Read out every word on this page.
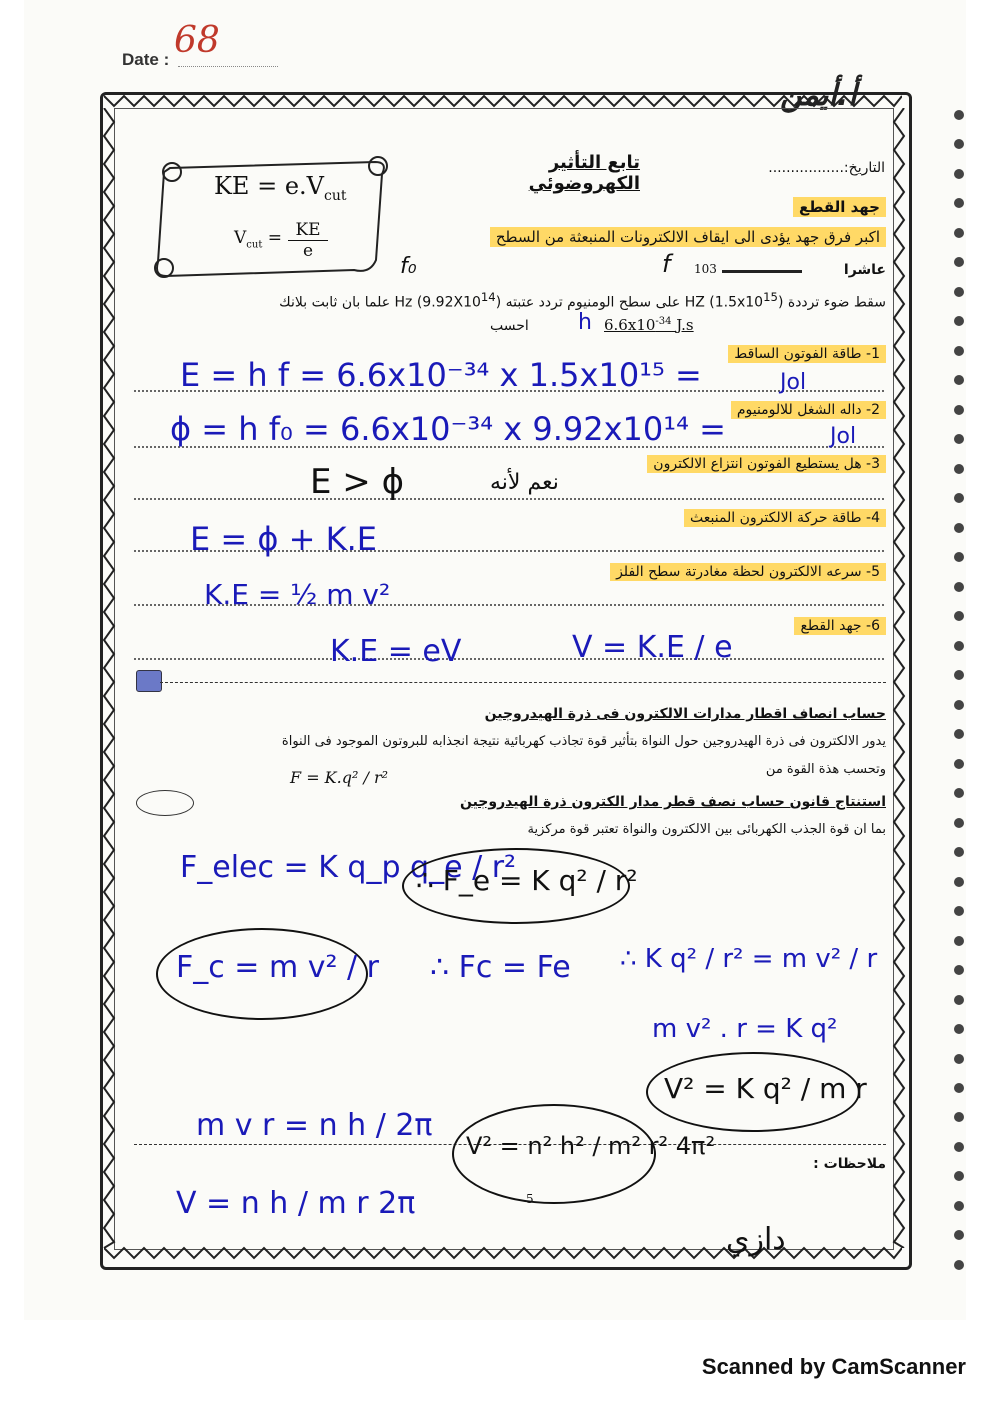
68
Date :
أ.أيمن
KE = $e.V_{cut}$
$V_{cut}$ = KE
e
f₀
التاريخ:.................
تابع التأثير الكهروضوئي
جهد القطع
اكبر فرق جهد يؤدى الى ايقاف الالكترونات المنبعثة من السطح
عاشرا
103
f
سقط ضوء ترددة HZ $(1.5x10^{15})$ على سطح الومنيوم تردد عتبته Hz $(9.92X10^{14})$ علما بان ثابت بلانك
احسب h $6.6x10^{-34}$ J.s
1- طاقة الفوتون الساقط
E = h f = 6.6x10⁻³⁴ x 1.5x10¹⁵ =	Jol
2- داله الشغل للالومنيوم
ϕ = h f₀ = 6.6x10⁻³⁴ x 9.92x10¹⁴ =	Jol
3- هل يستطيع الفوتون انتزاع الالكترون
E > ϕ	نعم لأنه
4- طاقة حركة الالكترون المنبعث
E = ϕ + K.E
5- سرعه الالكترون لحظة مغادرتة سطح الفلز
K.E = ½ m v²
6- جهد القطع
K.E = eV	V = K.E / e
حساب انصاف اقطار مدارات الالكترون فى ذرة الهيدروجين
يدور الالكترون فى ذرة الهيدروجين حول النواة بتأثير قوة تجاذب كهربائية نتيجة انجذابه للبروتون الموجود فى النواة
وتحسب هذة القوة من
F = K.q² / r²
استنتاج قانون حساب نصف قطر مدار الكترون ذرة الهيدروجين
بما ان قوة الجذب الكهربائى بين الالكترون والنواة تعتبر قوة مركزية
F_elec = K q_p q_e / r²
∴ F_e = K q² / r²
F_c = m v² / r ∴ Fc = Fe ∴ K q² / r² = m v² / r
m v² . r = K q²
V² = K q² / m r
ملاحظات :
m v r = n h / 2π
V² = n² h² / m² r² 4π²
5
V = n h / m r 2π
دازي
Scanned by CamScanner
